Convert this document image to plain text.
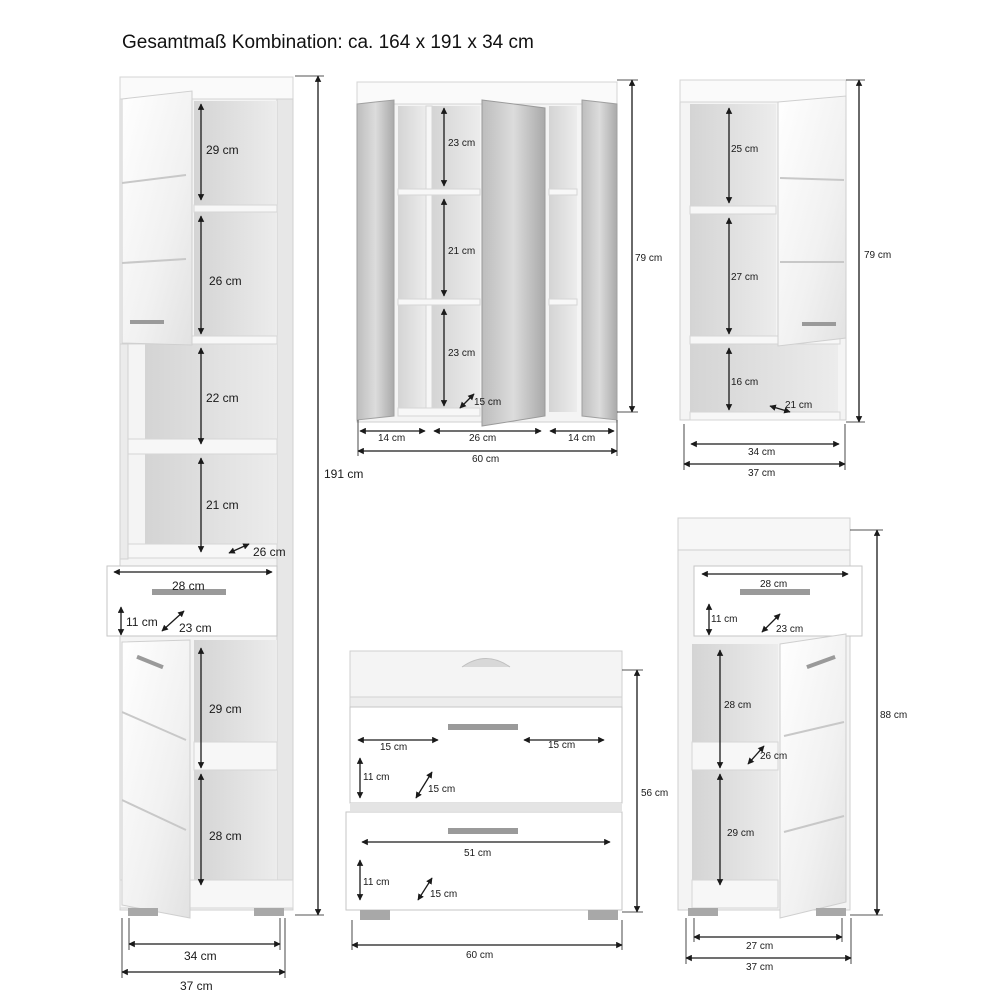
Gesamtmaß Kombination: ca. 164 x 191 x 34 cm
29 cm
26 cm
22 cm
21 cm
26 cm
28 cm
11 cm 23 cm
29 cm
28 cm
191 cm
34 cm
37 cm
23 cm
21 cm
23 cm
15 cm
79 cm
14 cm	26 cm	14 cm
60 cm
25 cm
27 cm
16 cm
21 cm
79 cm
34 cm
37 cm
15 cm	15 cm
11 cm
15 cm
51 cm
11 cm
15 cm
56 cm
60 cm
28 cm
11 cm
23 cm
28 cm
26 cm
29 cm
88 cm
27 cm
37 cm
